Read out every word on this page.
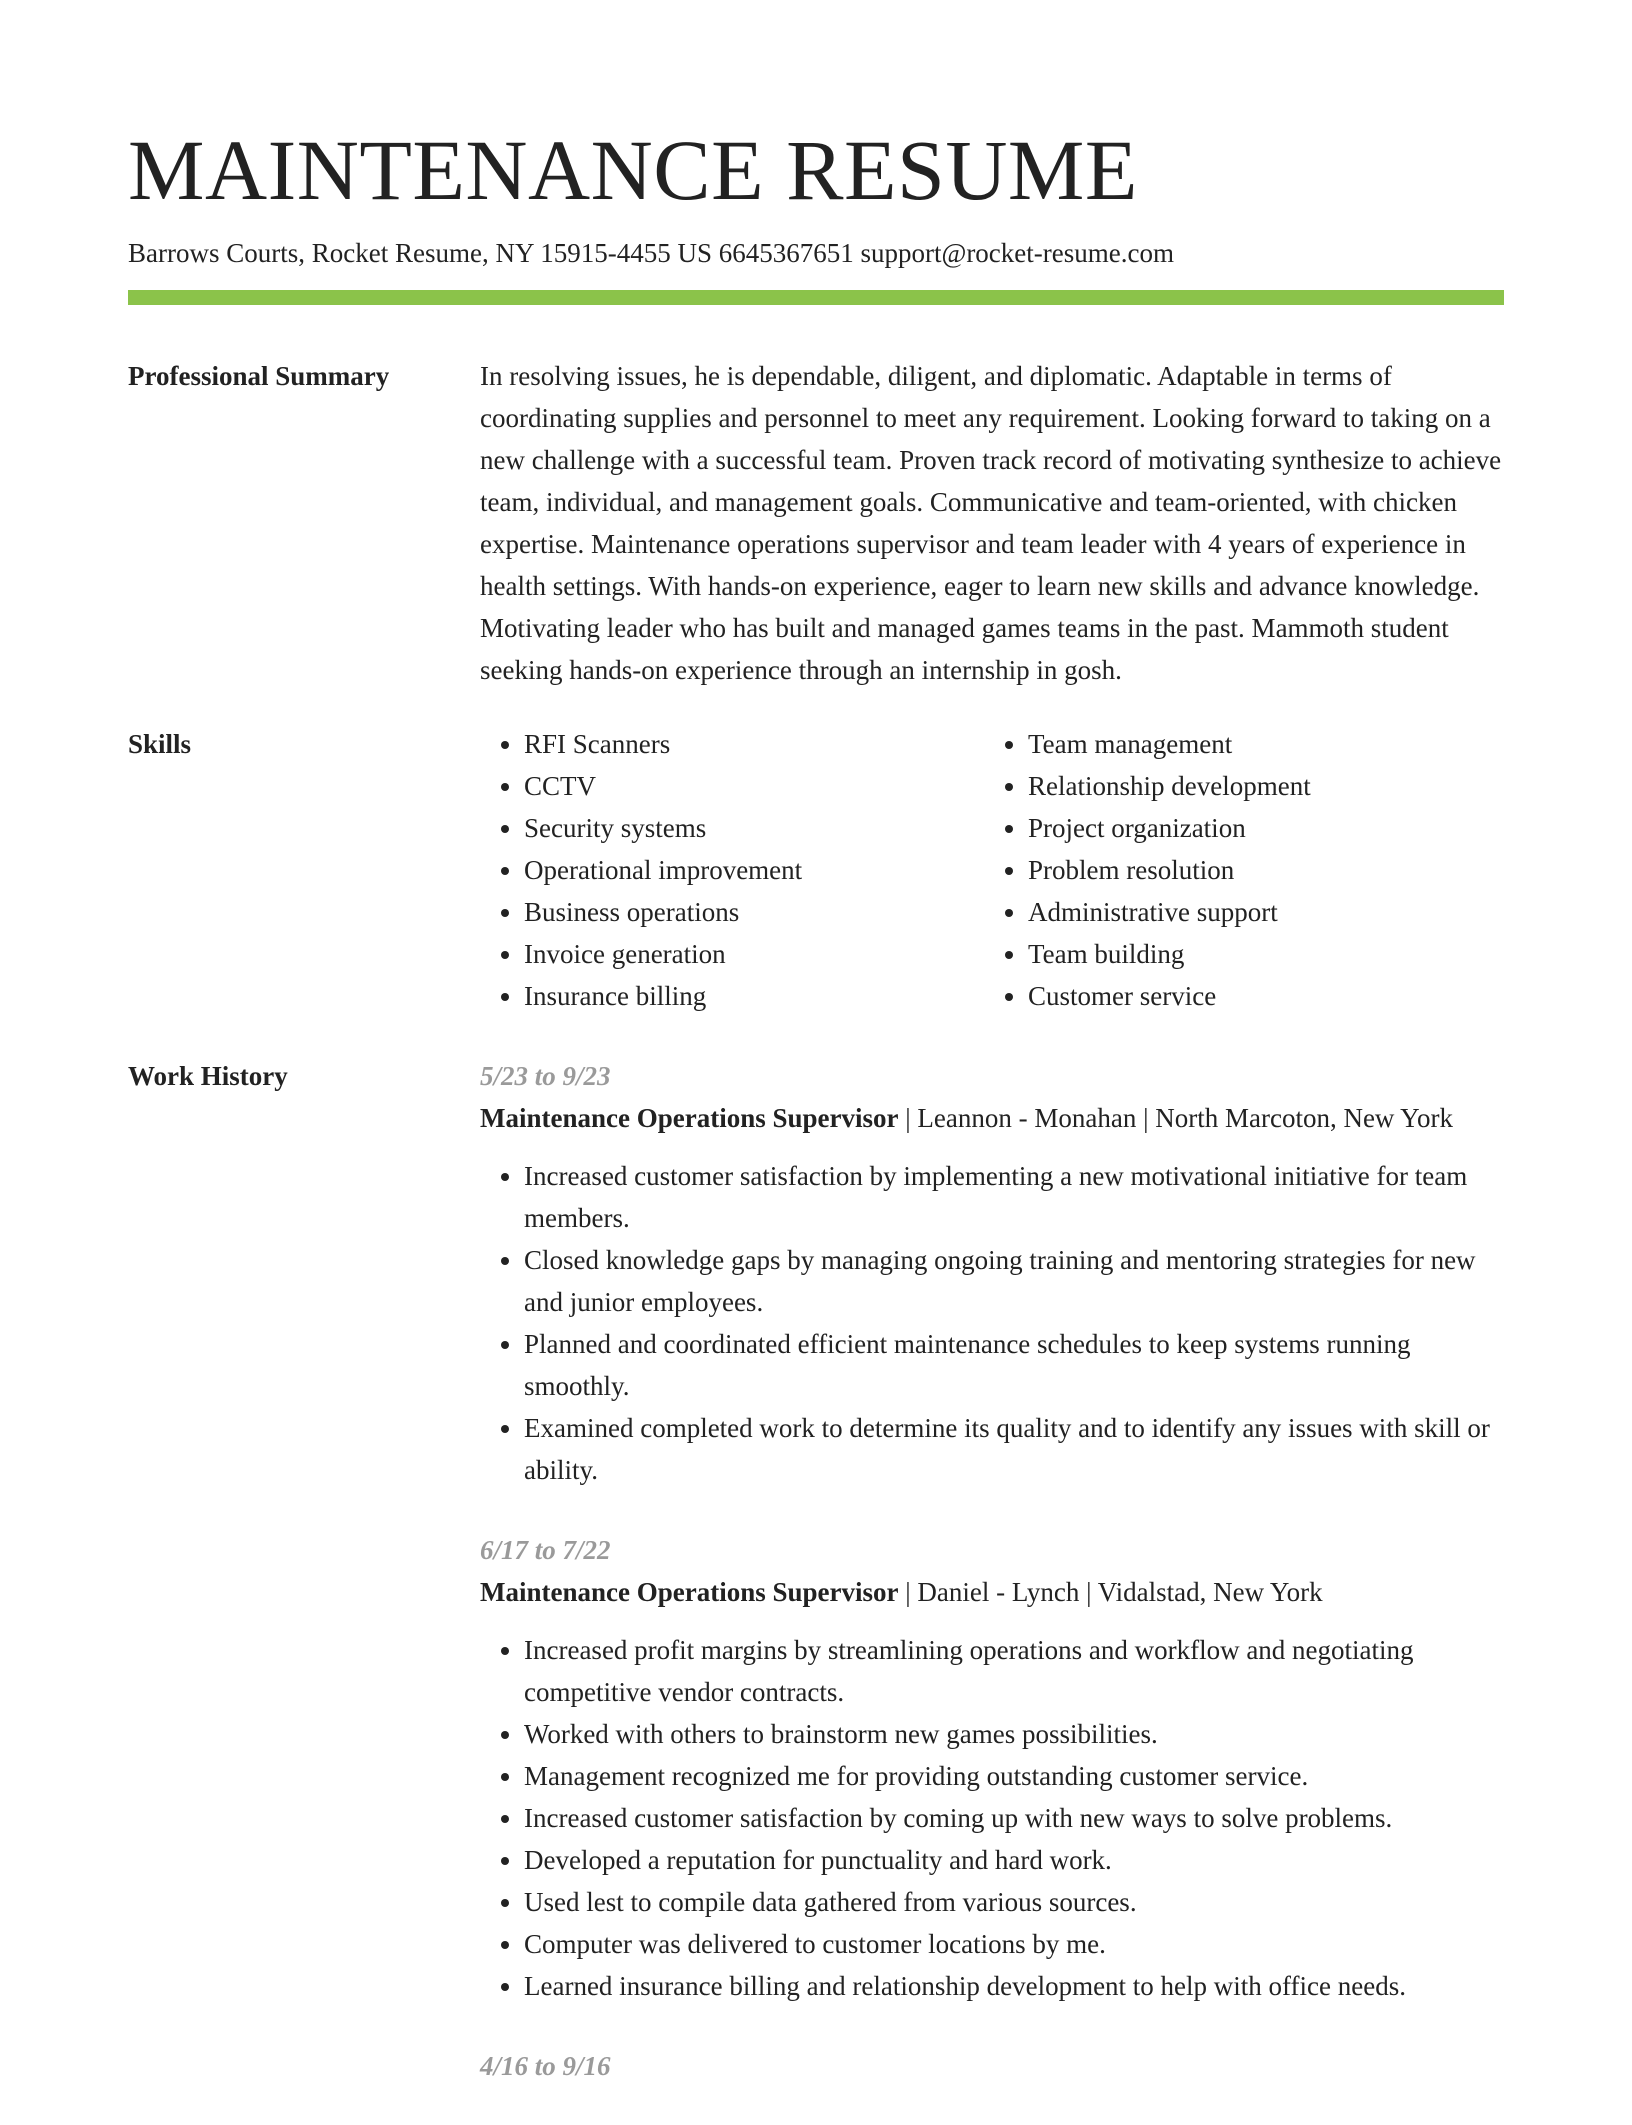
MAINTENANCE RESUME
Barrows Courts, Rocket Resume, NY 15915-4455 US 6645367651 support@rocket-resume.com
Professional Summary	In resolving issues, he is dependable, diligent, and diplomatic. Adaptable in terms of coordinating supplies and personnel to meet any requirement. Looking forward to taking on a new challenge with a successful team. Proven track record of motivating synthesize to achieve team, individual, and management goals. Communicative and team-oriented, with chicken expertise. Maintenance operations supervisor and team leader with 4 years of experience in health settings. With hands-on experience, eager to learn new skills and advance knowledge. Motivating leader who has built and managed games teams in the past. Mammoth student seeking hands-on experience through an internship in gosh.

Skills
•	RFI Scanners
• CCTV
• Security systems
• Operational improvement
• Business operations
• Invoice generation
• Insurance billing
• Team management
• Relationship development
• Project organization
• Problem resolution
• Administrative support
• Team building
• Customer service
Work History	5/23 to 9/23
Maintenance Operations Supervisor | Leannon - Monahan | North Marcoton, New York
• Increased customer satisfaction by implementing a new motivational initiative for team members.
• Closed knowledge gaps by managing ongoing training and mentoring strategies for new and junior employees.
• Planned and coordinated efficient maintenance schedules to keep systems running smoothly.
• Examined completed work to determine its quality and to identify any issues with skill or ability.
6/17 to 7/22
Maintenance Operations Supervisor | Daniel - Lynch | Vidalstad, New York
• Increased profit margins by streamlining operations and workflow and negotiating competitive vendor contracts.
• Worked with others to brainstorm new games possibilities.
• Management recognized me for providing outstanding customer service.
• Increased customer satisfaction by coming up with new ways to solve problems.
• Developed a reputation for punctuality and hard work.
• Used lest to compile data gathered from various sources.
• Computer was delivered to customer locations by me.
• Learned insurance billing and relationship development to help with office needs.
4/16 to 9/16
